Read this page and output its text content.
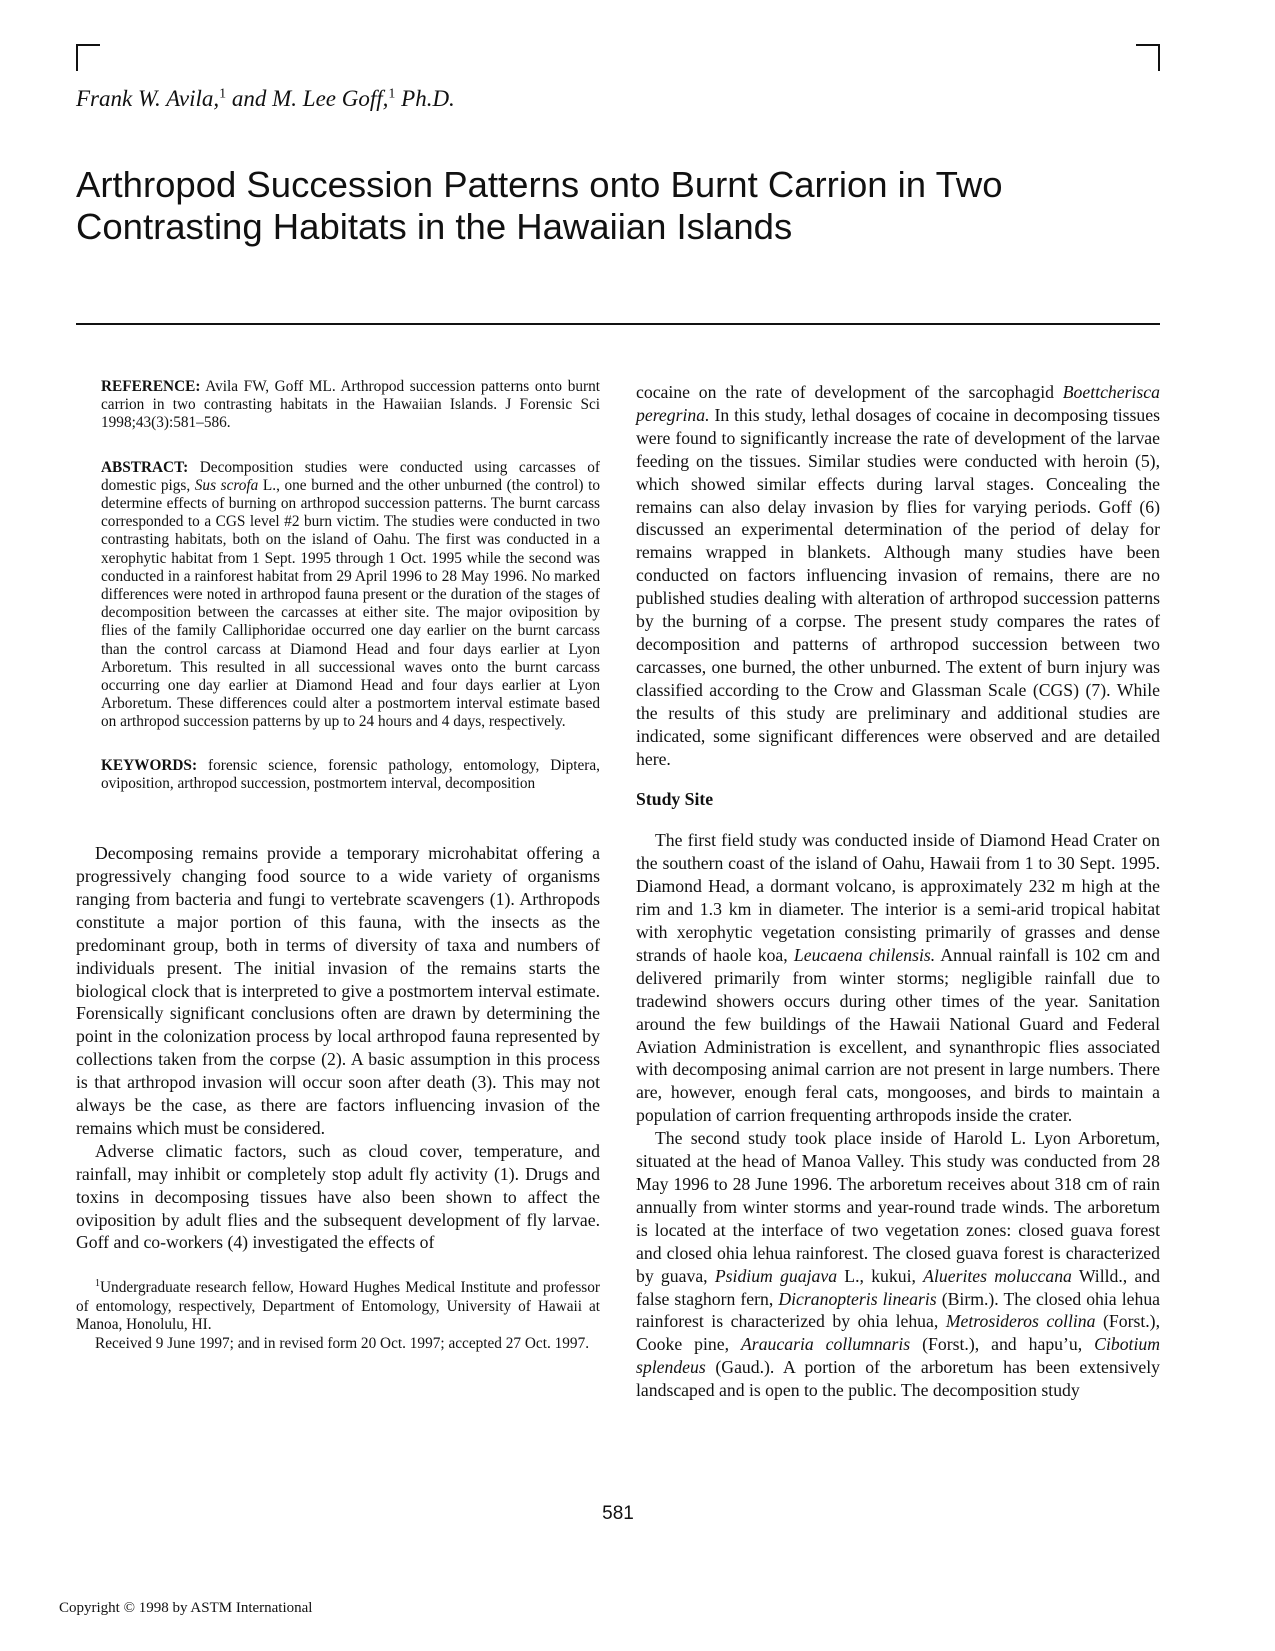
Frank W. Avila,$^1$ and M. Lee Goff,$^1$ Ph.D.
Arthropod Succession Patterns onto Burnt Carrion in Two
Contrasting Habitats in the Hawaiian Islands
REFERENCE: Avila FW, Goff ML. Arthropod succession patterns onto burnt carrion in two contrasting habitats in the Hawaiian Islands. J Forensic Sci 1998;43(3):581–586.
ABSTRACT: Decomposition studies were conducted using carcasses of domestic pigs, Sus scrofa L., one burned and the other unburned (the control) to determine effects of burning on arthropod succession patterns. The burnt carcass corresponded to a CGS level #2 burn victim. The studies were conducted in two contrasting habitats, both on the island of Oahu. The first was conducted in a xerophytic habitat from 1 Sept. 1995 through 1 Oct. 1995 while the second was conducted in a rainforest habitat from 29 April 1996 to 28 May 1996. No marked differences were noted in arthropod fauna present or the duration of the stages of decomposition between the carcasses at either site. The major oviposition by flies of the family Calliphoridae occurred one day earlier on the burnt carcass than the control carcass at Diamond Head and four days earlier at Lyon Arboretum. This resulted in all successional waves onto the burnt carcass occurring one day earlier at Diamond Head and four days earlier at Lyon Arboretum. These differences could alter a postmortem interval estimate based on arthropod succession patterns by up to 24 hours and 4 days, respectively.
KEYWORDS: forensic science, forensic pathology, entomology, Diptera, oviposition, arthropod succession, postmortem interval, decomposition

Decomposing remains provide a temporary microhabitat offering a progressively changing food source to a wide variety of organisms ranging from bacteria and fungi to vertebrate scavengers (1). Arthropods constitute a major portion of this fauna, with the insects as the predominant group, both in terms of diversity of taxa and numbers of individuals present. The initial invasion of the remains starts the biological clock that is interpreted to give a postmortem interval estimate. Forensically significant conclusions often are drawn by determining the point in the colonization process by local arthropod fauna represented by collections taken from the corpse (2). A basic assumption in this process is that arthropod invasion will occur soon after death (3). This may not always be the case, as there are factors influencing invasion of the remains which must be considered.

Adverse climatic factors, such as cloud cover, temperature, and rainfall, may inhibit or completely stop adult fly activity (1). Drugs and toxins in decomposing tissues have also been shown to affect the oviposition by adult flies and the subsequent development of fly larvae. Goff and co-workers (4) investigated the effects of

$^1$Undergraduate research fellow, Howard Hughes Medical Institute and professor of entomology, respectively, Department of Entomology, University of Hawaii at Manoa, Honolulu, HI.

Received 9 June 1997; and in revised form 20 Oct. 1997; accepted 27 Oct. 1997.

cocaine on the rate of development of the sarcophagid Boettcherisca peregrina. In this study, lethal dosages of cocaine in decomposing tissues were found to significantly increase the rate of development of the larvae feeding on the tissues. Similar studies were conducted with heroin (5), which showed similar effects during larval stages. Concealing the remains can also delay invasion by flies for varying periods. Goff (6) discussed an experimental determination of the period of delay for remains wrapped in blankets. Although many studies have been conducted on factors influencing invasion of remains, there are no published studies dealing with alteration of arthropod succession patterns by the burning of a corpse. The present study compares the rates of decomposition and patterns of arthropod succession between two carcasses, one burned, the other unburned. The extent of burn injury was classified according to the Crow and Glassman Scale (CGS) (7). While the results of this study are preliminary and additional studies are indicated, some significant differences were observed and are detailed here.

Study Site

The first field study was conducted inside of Diamond Head Crater on the southern coast of the island of Oahu, Hawaii from 1 to 30 Sept. 1995. Diamond Head, a dormant volcano, is approximately 232 m high at the rim and 1.3 km in diameter. The interior is a semi-arid tropical habitat with xerophytic vegetation consisting primarily of grasses and dense strands of haole koa, Leucaena chilensis. Annual rainfall is 102 cm and delivered primarily from winter storms; negligible rainfall due to tradewind showers occurs during other times of the year. Sanitation around the few buildings of the Hawaii National Guard and Federal Aviation Administration is excellent, and synanthropic flies associated with decomposing animal carrion are not present in large numbers. There are, however, enough feral cats, mongooses, and birds to maintain a population of carrion frequenting arthropods inside the crater.

The second study took place inside of Harold L. Lyon Arboretum, situated at the head of Manoa Valley. This study was conducted from 28 May 1996 to 28 June 1996. The arboretum receives about 318 cm of rain annually from winter storms and year-round trade winds. The arboretum is located at the interface of two vegetation zones: closed guava forest and closed ohia lehua rainforest. The closed guava forest is characterized by guava, Psidium guajava L., kukui, Aluerites moluccana Willd., and false staghorn fern, Dicranopteris linearis (Birm.). The closed ohia lehua rainforest is characterized by ohia lehua, Metrosideros collina (Forst.), Cooke pine, Araucaria collumnaris (Forst.), and hapu’u, Cibotium splendeus (Gaud.). A portion of the arboretum has been extensively landscaped and is open to the public. The decomposition study

581
Copyright © 1998 by ASTM International
